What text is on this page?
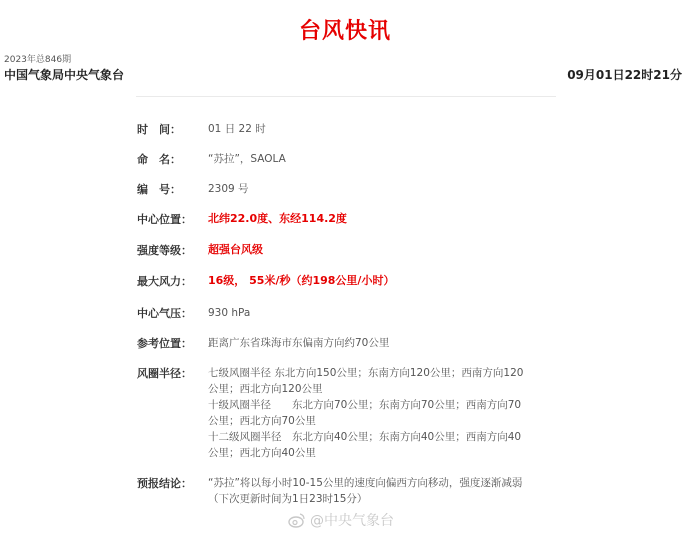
台风快讯
2023年总846期
中国气象局中央气象台	09月01日22时21分
时　间：	01 日 22 时
命　名：	“苏拉”，SAOLA
编　号：	2309 号
中心位置：	北纬22.0度、东经114.2度
强度等级：	超强台风级
最大风力：	16级， 55米/秒（约198公里/小时）
中心气压：	930 hPa
参考位置：	距离广东省珠海市东偏南方向约70公里
风圈半径：	七级风圈半径 东北方向150公里；东南方向120公里；西南方向120
公里；西北方向120公里
十级风圈半径　　东北方向70公里；东南方向70公里；西南方向70
公里；西北方向70公里
十二级风圈半径　东北方向40公里；东南方向40公里；西南方向40
公里；西北方向40公里
预报结论：	“苏拉”将以每小时10-15公里的速度向偏西方向移动，强度逐渐减弱
（下次更新时间为1日23时15分）
@中央气象台
